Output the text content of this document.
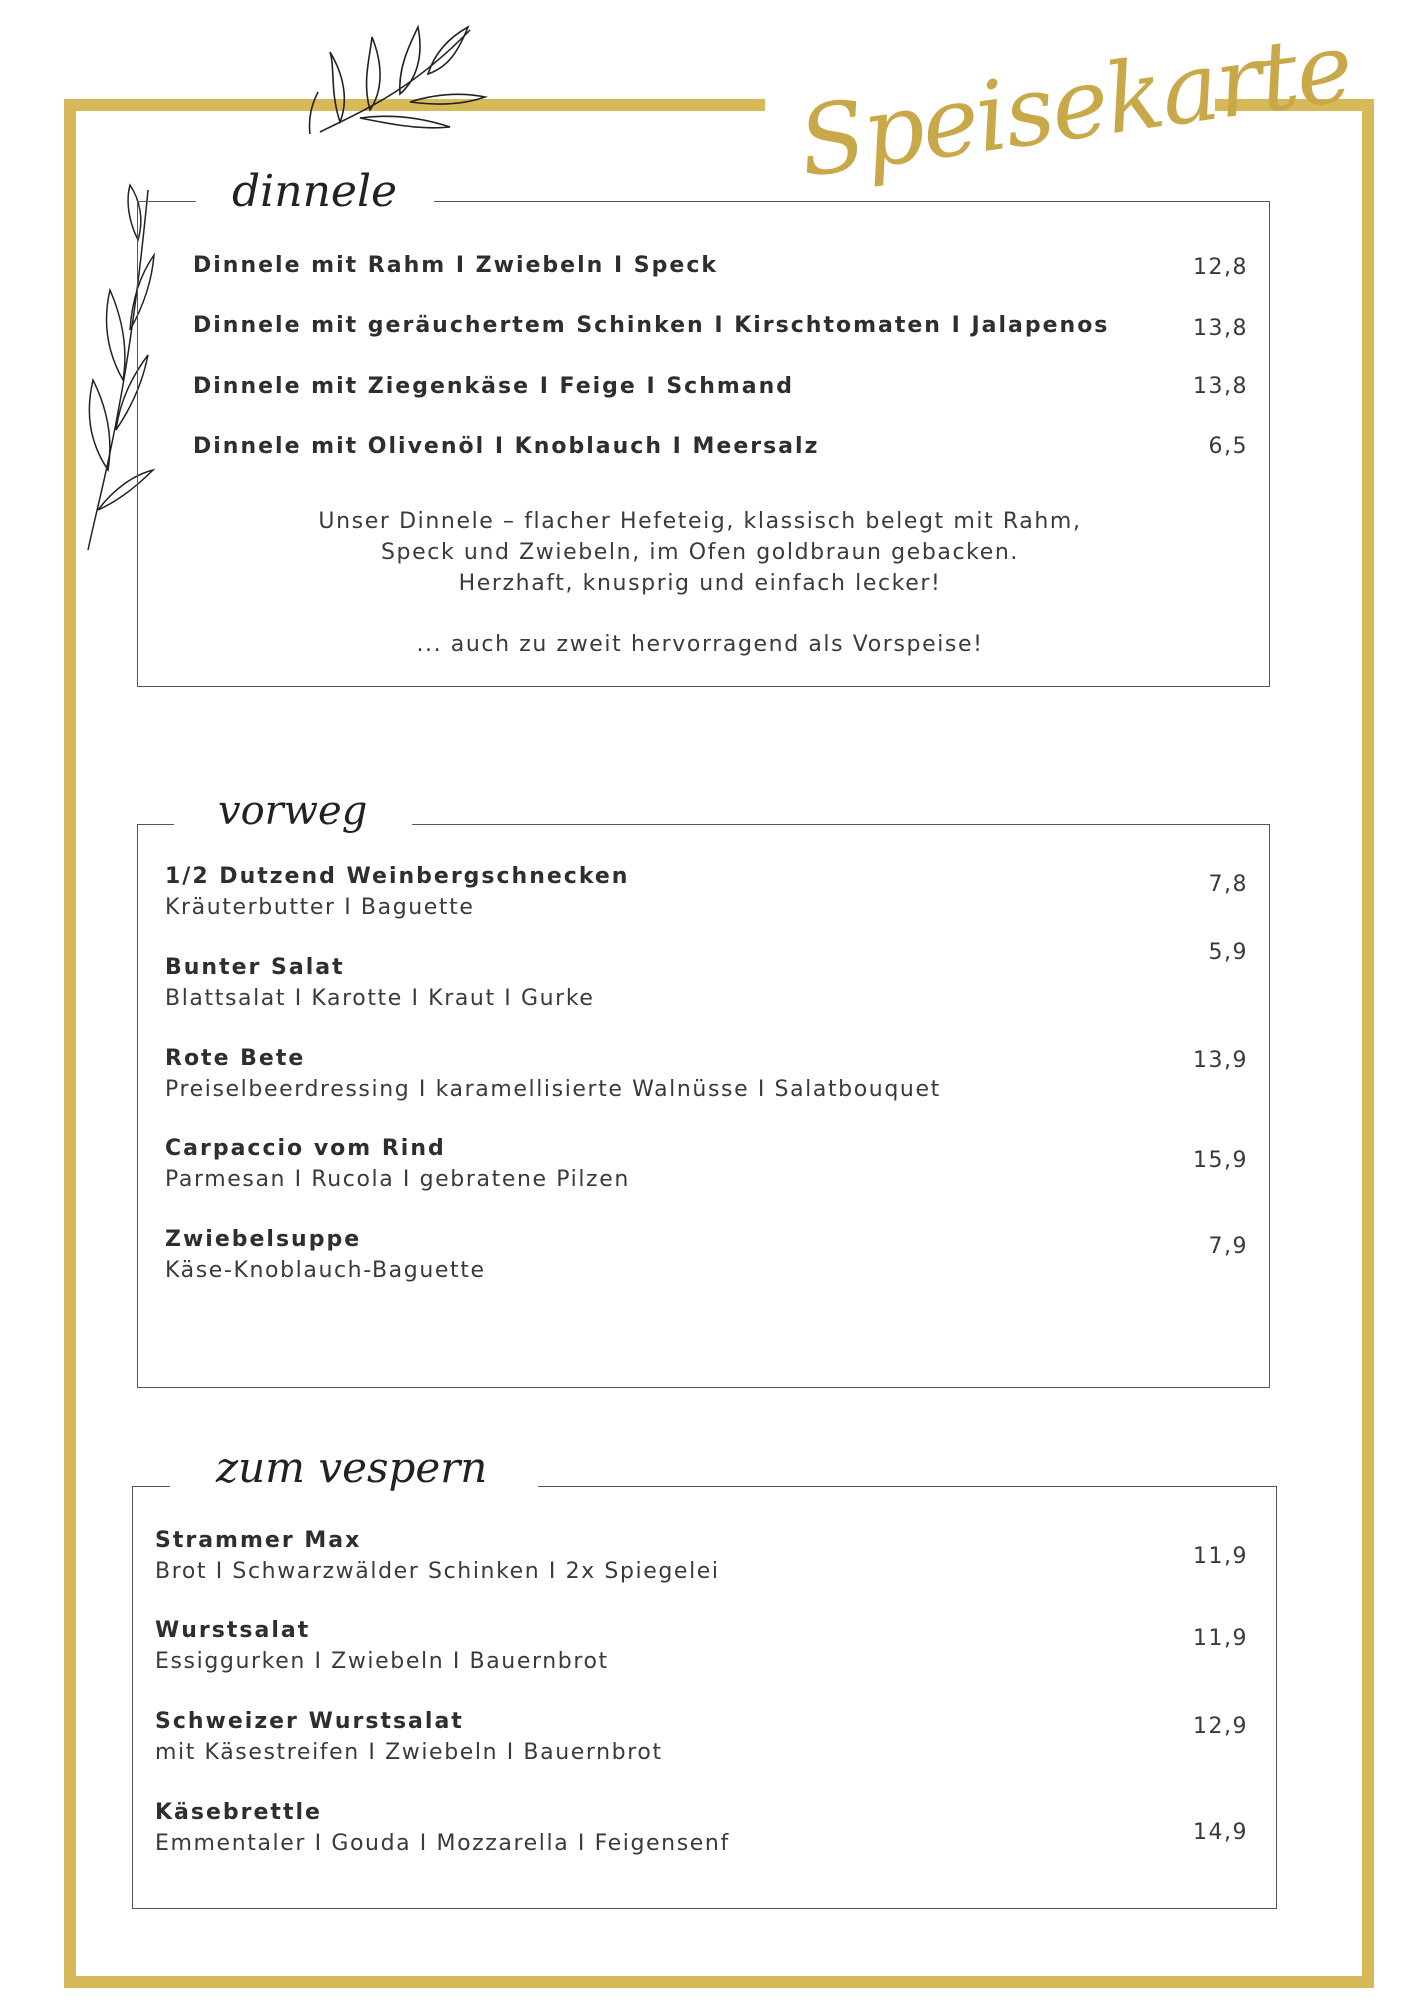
Speisekarte
dinnele
Dinnele mit Rahm I Zwiebeln I Speck	12,8
Dinnele mit geräuchertem Schinken I Kirschtomaten I Jalapenos	13,8
Dinnele mit Ziegenkäse I Feige I Schmand	13,8
Dinnele mit Olivenöl I Knoblauch I Meersalz	6,5
Unser Dinnele – flacher Hefeteig, klassisch belegt mit Rahm,
Speck und Zwiebeln, im Ofen goldbraun gebacken.
Herzhaft, knusprig und einfach lecker!
... auch zu zweit hervorragend als Vorspeise!
vorweg
1/2 Dutzend Weinbergschnecken
Kräuterbutter I Baguette
7,8
Bunter Salat
Blattsalat I Karotte I Kraut I Gurke
5,9
Rote Bete
Preiselbeerdressing I karamellisierte Walnüsse I Salatbouquet
13,9
Carpaccio vom Rind
Parmesan I Rucola I gebratene Pilzen
15,9
Zwiebelsuppe
Käse-Knoblauch-Baguette
7,9
zum vespern
Strammer Max
Brot I Schwarzwälder Schinken I 2x Spiegelei
11,9
Wurstsalat
Essiggurken I Zwiebeln I Bauernbrot
11,9
Schweizer Wurstsalat
mit Käsestreifen I Zwiebeln I Bauernbrot
12,9
Käsebrettle
Emmentaler I Gouda I Mozzarella I Feigensenf	14,9
